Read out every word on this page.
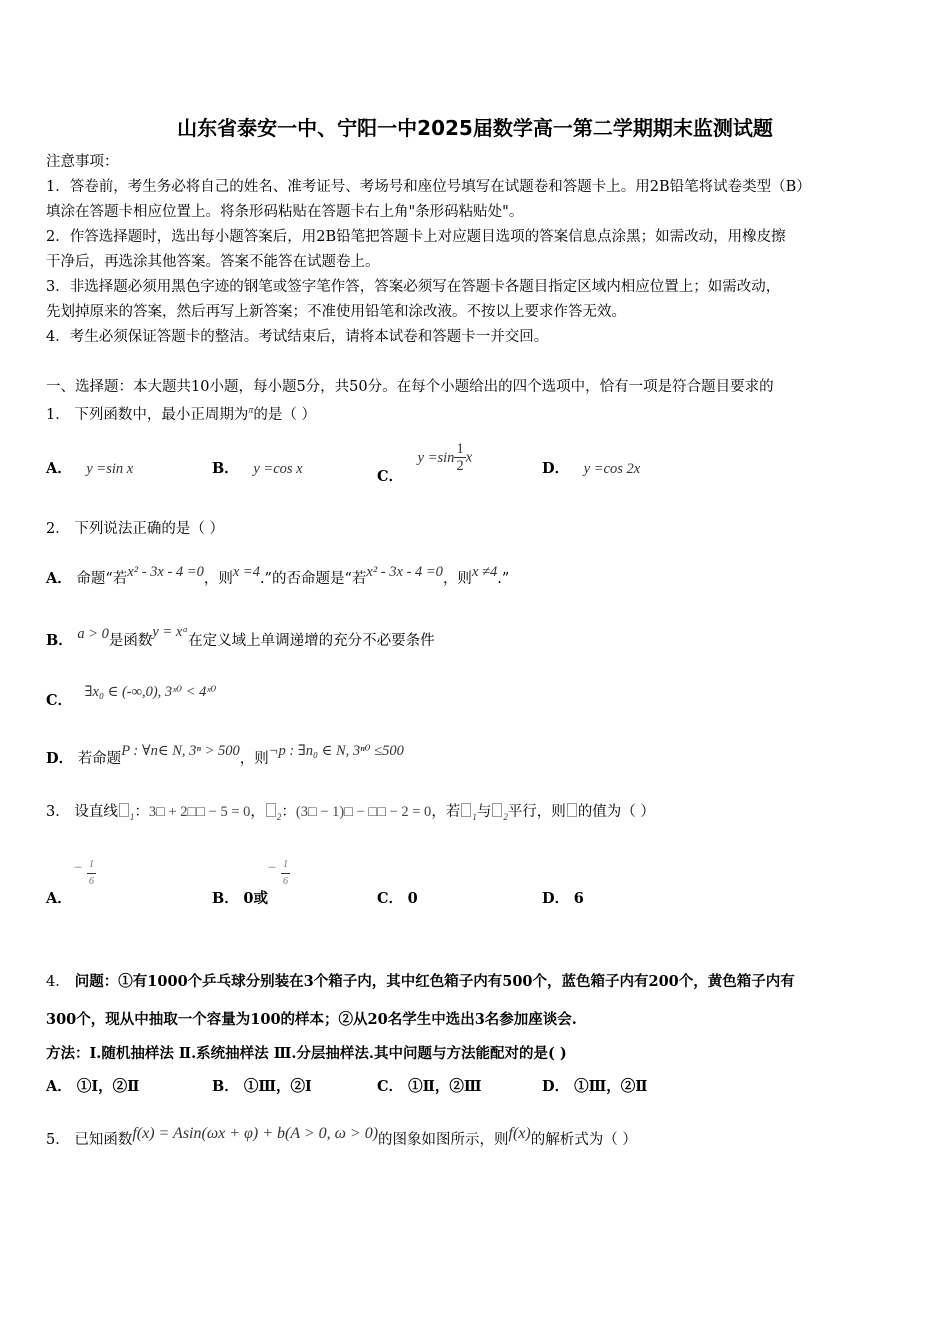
山东省泰安一中、宁阳一中2025届数学高一第二学期期末监测试题
注意事项：
1．答卷前，考生务必将自己的姓名、准考证号、考场号和座位号填写在试题卷和答题卡上。用2B铅笔将试卷类型（B）
填涂在答题卡相应位置上。将条形码粘贴在答题卡右上角"条形码粘贴处"。
2．作答选择题时，选出每小题答案后，用2B铅笔把答题卡上对应题目选项的答案信息点涂黑；如需改动，用橡皮擦
干净后，再选涂其他答案。答案不能答在试题卷上。
3．非选择题必须用黑色字迹的钢笔或签字笔作答，答案必须写在答题卡各题目指定区域内相应位置上；如需改动，
先划掉原来的答案，然后再写上新答案；不准使用铅笔和涂改液。不按以上要求作答无效。
4．考生必须保证答题卡的整洁。考试结束后，请将本试卷和答题卡一并交回。
一、选择题：本大题共10小题，每小题5分，共50分。在每个小题给出的四个选项中，恰有一项是符合题目要求的
1． 下列函数中，最小正周期为$^\pi$的是（ ）
A． y =sin x	B． y =cos x	C． $y =\sin \frac{1}{2}$ x
D． y =cos 2x
2． 下列说法正确的是（ ）
A． 命题“若x² - 3x - 4 =0，则x =4.”的否命题是“若x² - 3x - 4 =0，则x ≠4.”
B． a > 0是函数y = xᵃ在定义域上单调递增的充分不必要条件
C． ∃x₀ ∈ (-∞,0), 3ˣ⁰ < 4ˣ⁰
D． 若命题P : ∀n∈ N, 3ⁿ > 500，则¬p : ∃n₀ ∈ N, 3ⁿ⁰ ≤500
3． 设直线 $_1$：3□ + 2□□ − 5 = 0， $_2$：(3□ − 1)□ − □□ − 2 = 0，若 $_1$与 $_2$平行，则 的值为（ ）
− $\frac{1}{6}$
A．
− $\frac{1}{6}$
B． 0或	C． 0	D． 6
4． 问题：①有1000个乒乓球分别装在3个箱子内，其中红色箱子内有500个，蓝色箱子内有200个，黄色箱子内有
300个，现从中抽取一个容量为100的样本；②从20名学生中选出3名参加座谈会.
方法：Ⅰ.随机抽样法 Ⅱ.系统抽样法 Ⅲ.分层抽样法.其中问题与方法能配对的是( )
A． ①Ⅰ，②Ⅱ	B． ①Ⅲ，②Ⅰ	C． ①Ⅱ，②Ⅲ	D． ①Ⅲ，②Ⅱ
5． 已知函数f(x) = Asin(ωx + φ) + b(A > 0, ω > 0)的图象如图所示，则f(x)的解析式为（ ）
